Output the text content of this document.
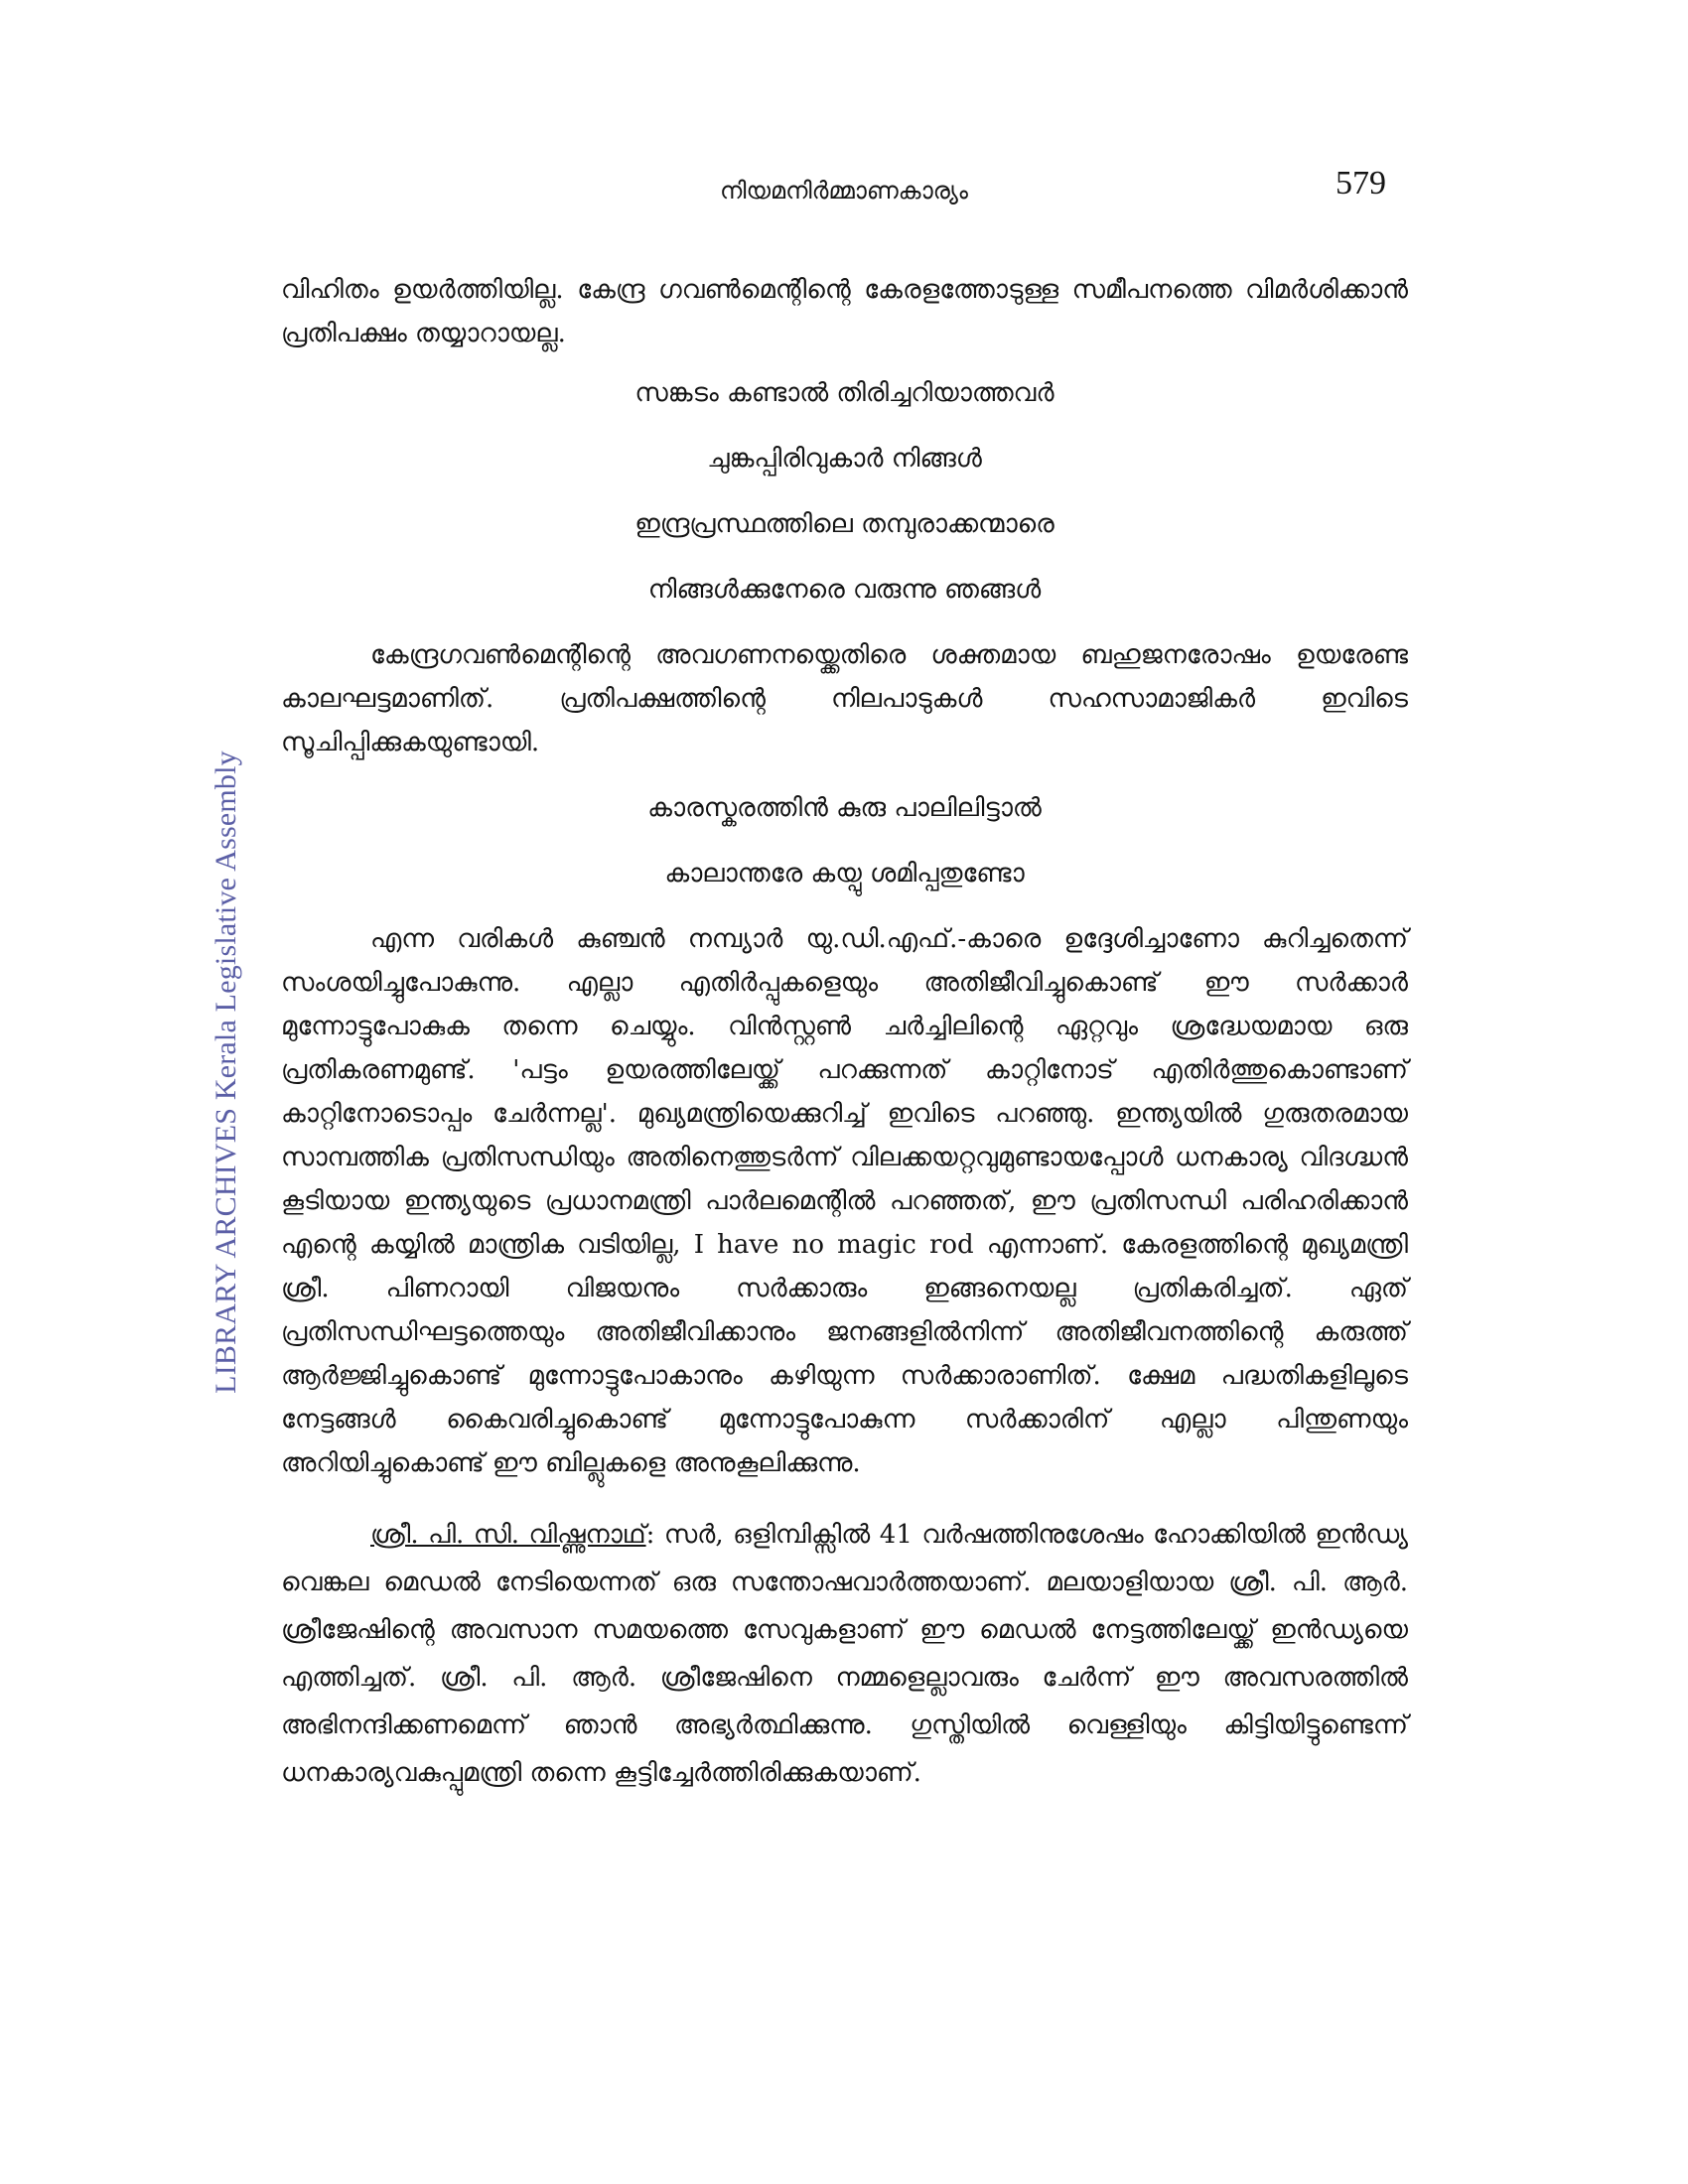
നിയമനിർമ്മാണകാര്യം	579
LIBRARY ARCHIVES Kerala Legislative Assembly

വിഹിതം ഉയർത്തിയില്ല. കേന്ദ്ര ഗവൺമെന്റിന്റെ കേരളത്തോടുള്ള സമീപനത്തെ വിമർശിക്കാൻ പ്രതിപക്ഷം തയ്യാറായല്ല.

സങ്കടം കണ്ടാൽ തിരിച്ചറിയാത്തവർ

ചുങ്കപ്പിരിവുകാർ നിങ്ങൾ

ഇന്ദ്രപ്രസ്ഥത്തിലെ തമ്പുരാക്കന്മാരെ

നിങ്ങൾക്കുനേരെ വരുന്നു ഞങ്ങൾ

കേന്ദ്രഗവൺമെന്റിന്റെ അവഗണനയ്ക്കെതിരെ ശക്തമായ ബഹുജനരോഷം ഉയരേണ്ട കാലഘട്ടമാണിത്. പ്രതിപക്ഷത്തിന്റെ നിലപാടുകൾ സഹസാമാജികർ ഇവിടെ സൂചിപ്പിക്കുകയുണ്ടായി.

കാരസ്കരത്തിൻ കുരു പാലിലിട്ടാൽ

കാലാന്തരേ കയ്പു ശമിപ്പതുണ്ടോ

എന്ന വരികൾ കുഞ്ചൻ നമ്പ്യാർ യു.ഡി.എഫ്.-കാരെ ഉദ്ദേശിച്ചാണോ കുറിച്ചതെന്ന് സംശയിച്ചുപോകുന്നു. എല്ലാ എതിർപ്പുകളെയും അതിജീവിച്ചുകൊണ്ട് ഈ സർക്കാർ മുന്നോട്ടുപോകുക തന്നെ ചെയ്യും. വിൻസ്റ്റൺ ചർച്ചിലിന്റെ ഏറ്റവും ശ്രദ്ധേയമായ ഒരു പ്രതികരണമുണ്ട്. 'പട്ടം ഉയരത്തിലേയ്ക്ക് പറക്കുന്നത് കാറ്റിനോട് എതിർത്തുകൊണ്ടാണ് കാറ്റിനോടൊപ്പം ചേർന്നല്ല'. മുഖ്യമന്ത്രിയെക്കുറിച്ച് ഇവിടെ പറഞ്ഞു. ഇന്ത്യയിൽ ഗുരുതരമായ സാമ്പത്തിക പ്രതിസന്ധിയും അതിനെത്തുടർന്ന് വിലക്കയറ്റവുമുണ്ടായപ്പോൾ ധനകാര്യ വിദഗ്ദ്ധൻ കൂടിയായ ഇന്ത്യയുടെ പ്രധാനമന്ത്രി പാർലമെന്റിൽ പറഞ്ഞത്, ഈ പ്രതിസന്ധി പരിഹരിക്കാൻ എന്റെ കയ്യിൽ മാന്ത്രിക വടിയില്ല, I have no magic rod എന്നാണ്. കേരളത്തിന്റെ മുഖ്യമന്ത്രി ശ്രീ. പിണറായി വിജയനും സർക്കാരും ഇങ്ങനെയല്ല പ്രതികരിച്ചത്. ഏത് പ്രതിസന്ധിഘട്ടത്തെയും അതിജീവിക്കാനും ജനങ്ങളിൽനിന്ന് അതിജീവനത്തിന്റെ കരുത്ത് ആർജ്ജിച്ചുകൊണ്ട് മുന്നോട്ടുപോകാനും കഴിയുന്ന സർക്കാരാണിത്. ക്ഷേമ പദ്ധതികളിലൂടെ നേട്ടങ്ങൾ കൈവരിച്ചുകൊണ്ട് മുന്നോട്ടുപോകുന്ന സർക്കാരിന് എല്ലാ പിന്തുണയും അറിയിച്ചുകൊണ്ട് ഈ ബില്ലുകളെ അനുകൂലിക്കുന്നു.

ശ്രീ. പി. സി. വിഷ്ണുനാഥ്: സർ, ഒളിമ്പിക്സിൽ 41 വർഷത്തിനുശേഷം ഹോക്കിയിൽ ഇൻഡ്യ വെങ്കല മെഡൽ നേടിയെന്നത് ഒരു സന്തോഷവാർത്തയാണ്. മലയാളിയായ ശ്രീ. പി. ആർ. ശ്രീജേഷിന്റെ അവസാന സമയത്തെ സേവുകളാണ് ഈ മെഡൽ നേട്ടത്തിലേയ്ക്ക് ഇൻഡ്യയെ എത്തിച്ചത്. ശ്രീ. പി. ആർ. ശ്രീജേഷിനെ നമ്മളെല്ലാവരും ചേർന്ന് ഈ അവസരത്തിൽ അഭിനന്ദിക്കണമെന്ന് ഞാൻ അഭ്യർത്ഥിക്കുന്നു. ഗുസ്തിയിൽ വെള്ളിയും കിട്ടിയിട്ടുണ്ടെന്ന് ധനകാര്യവകുപ്പുമന്ത്രി തന്നെ കൂട്ടിച്ചേർത്തിരിക്കുകയാണ്.
